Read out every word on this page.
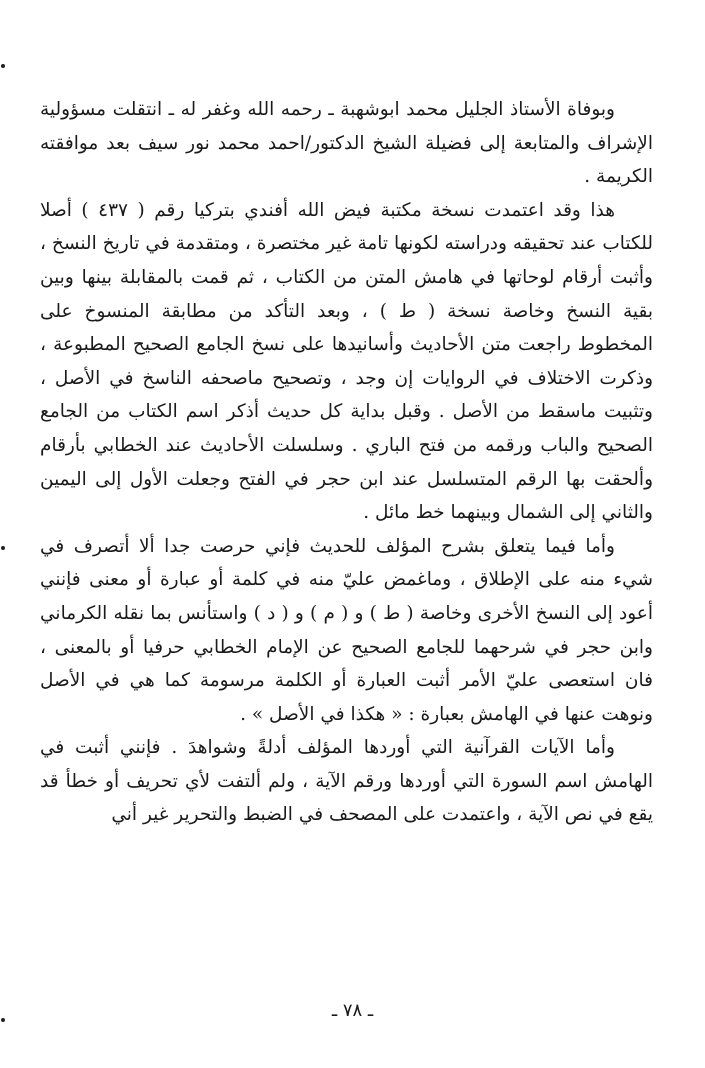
وبوفاة الأستاذ الجليل محمد ابوشهبة ـ رحمه الله وغفر له ـ انتقلت مسؤولية الإشراف والمتابعة إلى فضيلة الشيخ الدكتور/احمد محمد نور سيف بعد موافقته الكريمة .

هذا وقد اعتمدت نسخة مكتبة فيض الله أفندي بتركيا رقم ( ٤٣٧ ) أصلا للكتاب عند تحقيقه ودراسته لكونها تامة غير مختصرة ، ومتقدمة في تاريخ النسخ ، وأثبت أرقام لوحاتها في هامش المتن من الكتاب ، ثم قمت بالمقابلة بينها وبين بقية النسخ وخاصة نسخة ( ط ) ، وبعد التأكد من مطابقة المنسوخ على المخطوط راجعت متن الأحاديث وأسانيدها على نسخ الجامع الصحيح المطبوعة ، وذكرت الاختلاف في الروايات إن وجد ، وتصحيح ماصحفه الناسخ في الأصل ، وتثبيت ماسقط من الأصل . وقبل بداية كل حديث أذكر اسم الكتاب من الجامع الصحيح والباب ورقمه من فتح الباري . وسلسلت الأحاديث عند الخطابي بأرقام وألحقت بها الرقم المتسلسل عند ابن حجر في الفتح وجعلت الأول إلى اليمين والثاني إلى الشمال وبينهما خط مائل .

وأما فيما يتعلق بشرح المؤلف للحديث فإني حرصت جدا ألا أتصرف في شيء منه على الإطلاق ، وماغمض عليّ منه في كلمة أو عبارة أو معنى فإنني أعود إلى النسخ الأخرى وخاصة ( ط ) و ( م ) و ( د ) واستأنس بما نقله الكرماني وابن حجر في شرحهما للجامع الصحيح عن الإمام الخطابي حرفيا أو بالمعنى ، فان استعصى عليّ الأمر أثبت العبارة أو الكلمة مرسومة كما هي في الأصل ونوهت عنها في الهامش بعبارة : « هكذا في الأصل » .

وأما الآيات القرآنية التي أوردها المؤلف أدلةً وشواهدَ . فإنني أثبت في الهامش اسم السورة التي أوردها ورقم الآية ، ولم ألتفت لأي تحريف أو خطأ قد يقع في نص الآية ، واعتمدت على المصحف في الضبط والتحرير غير أني

ـ ٧٨ ـ
